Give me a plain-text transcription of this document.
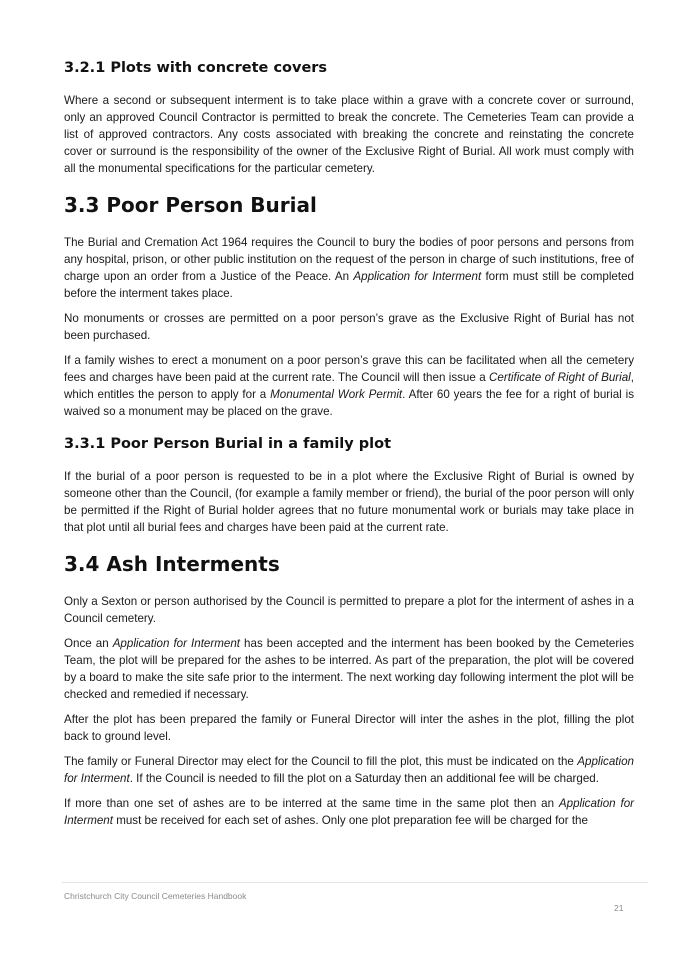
3.2.1 Plots with concrete covers

Where a second or subsequent interment is to take place within a grave with a concrete cover or surround, only an approved Council Contractor is permitted to break the concrete. The Cemeteries Team can provide a list of approved contractors. Any costs associated with breaking the concrete and reinstating the concrete cover or surround is the responsibility of the owner of the Exclusive Right of Burial. All work must comply with all the monumental specifications for the particular cemetery.

3.3 Poor Person Burial

The Burial and Cremation Act 1964 requires the Council to bury the bodies of poor persons and persons from any hospital, prison, or other public institution on the request of the person in charge of such institutions, free of charge upon an order from a Justice of the Peace. An Application for Interment form must still be completed before the interment takes place.

No monuments or crosses are permitted on a poor person’s grave as the Exclusive Right of Burial has not been purchased.

If a family wishes to erect a monument on a poor person’s grave this can be facilitated when all the cemetery fees and charges have been paid at the current rate. The Council will then issue a Certificate of Right of Burial, which entitles the person to apply for a Monumental Work Permit. After 60 years the fee for a right of burial is waived so a monument may be placed on the grave.

3.3.1 Poor Person Burial in a family plot

If the burial of a poor person is requested to be in a plot where the Exclusive Right of Burial is owned by someone other than the Council, (for example a family member or friend), the burial of the poor person will only be permitted if the Right of Burial holder agrees that no future monumental work or burials may take place in that plot until all burial fees and charges have been paid at the current rate.

3.4 Ash Interments

Only a Sexton or person authorised by the Council is permitted to prepare a plot for the interment of ashes in a Council cemetery.

Once an Application for Interment has been accepted and the interment has been booked by the Cemeteries Team, the plot will be prepared for the ashes to be interred. As part of the preparation, the plot will be covered by a board to make the site safe prior to the interment. The next working day following interment the plot will be checked and remedied if necessary.

After the plot has been prepared the family or Funeral Director will inter the ashes in the plot, filling the plot back to ground level.

The family or Funeral Director may elect for the Council to fill the plot, this must be indicated on the Application for Interment. If the Council is needed to fill the plot on a Saturday then an additional fee will be charged.

If more than one set of ashes are to be interred at the same time in the same plot then an Application for Interment must be received for each set of ashes. Only one plot preparation fee will be charged for the

Christchurch City Council Cemeteries Handbook
21
